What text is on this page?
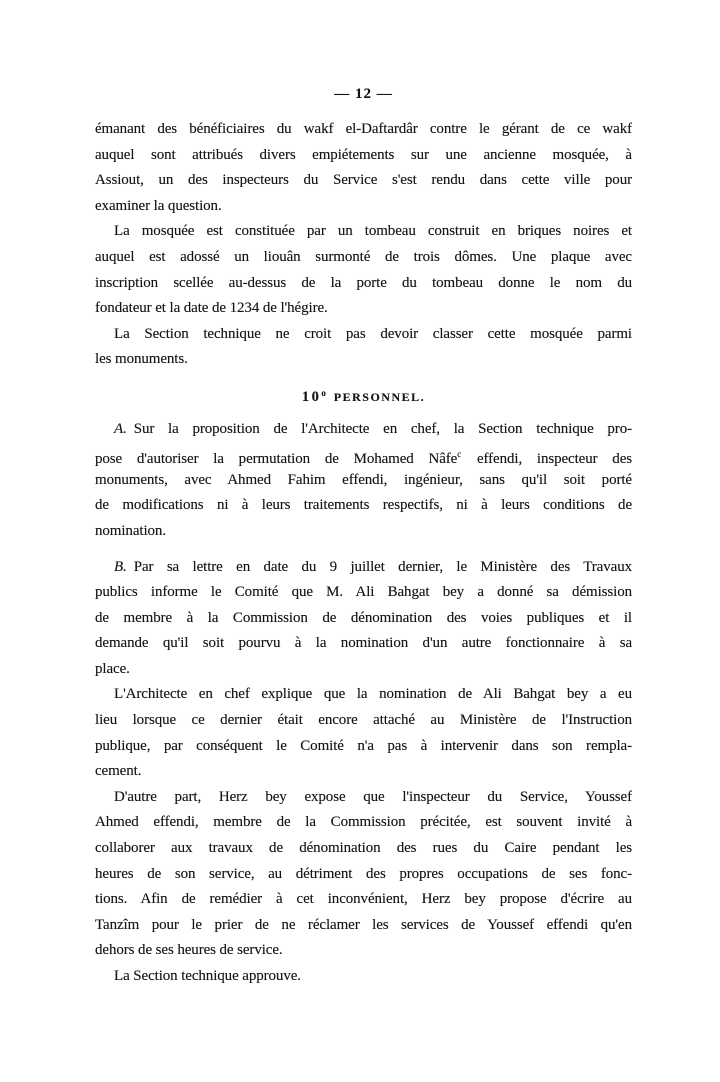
— 12 —
émanant des bénéficiaires du wakf el-Daftardâr contre le gérant de ce wakf
auquel sont attribués divers empiétements sur une ancienne mosquée, à
Assiout, un des inspecteurs du Service s'est rendu dans cette ville pour
examiner la question.
La mosquée est constituée par un tombeau construit en briques noires et
auquel est adossé un liouân surmonté de trois dômes. Une plaque avec
inscription scellée au-dessus de la porte du tombeau donne le nom du
fondateur et la date de 1234 de l'hégire.
La Section technique ne croit pas devoir classer cette mosquée parmi
les monuments.
10$^o$ PERSONNEL.
A. Sur la proposition de l'Architecte en chef, la Section technique pro-
pose d'autoriser la permutation de Mohamed Nâfe$^c$ effendi, inspecteur des
monuments, avec Ahmed Fahim effendi, ingénieur, sans qu'il soit porté
de modifications ni à leurs traitements respectifs, ni à leurs conditions de
nomination.
B. Par sa lettre en date du 9 juillet dernier, le Ministère des Travaux
publics informe le Comité que M. Ali Bahgat bey a donné sa démission
de membre à la Commission de dénomination des voies publiques et il
demande qu'il soit pourvu à la nomination d'un autre fonctionnaire à sa
place.
L'Architecte en chef explique que la nomination de Ali Bahgat bey a eu
lieu lorsque ce dernier était encore attaché au Ministère de l'Instruction
publique, par conséquent le Comité n'a pas à intervenir dans son rempla-
cement.
D'autre part, Herz bey expose que l'inspecteur du Service, Youssef
Ahmed effendi, membre de la Commission précitée, est souvent invité à
collaborer aux travaux de dénomination des rues du Caire pendant les
heures de son service, au détriment des propres occupations de ses fonc-
tions. Afin de remédier à cet inconvénient, Herz bey propose d'écrire au
Tanzîm pour le prier de ne réclamer les services de Youssef effendi qu'en
dehors de ses heures de service.
La Section technique approuve.
